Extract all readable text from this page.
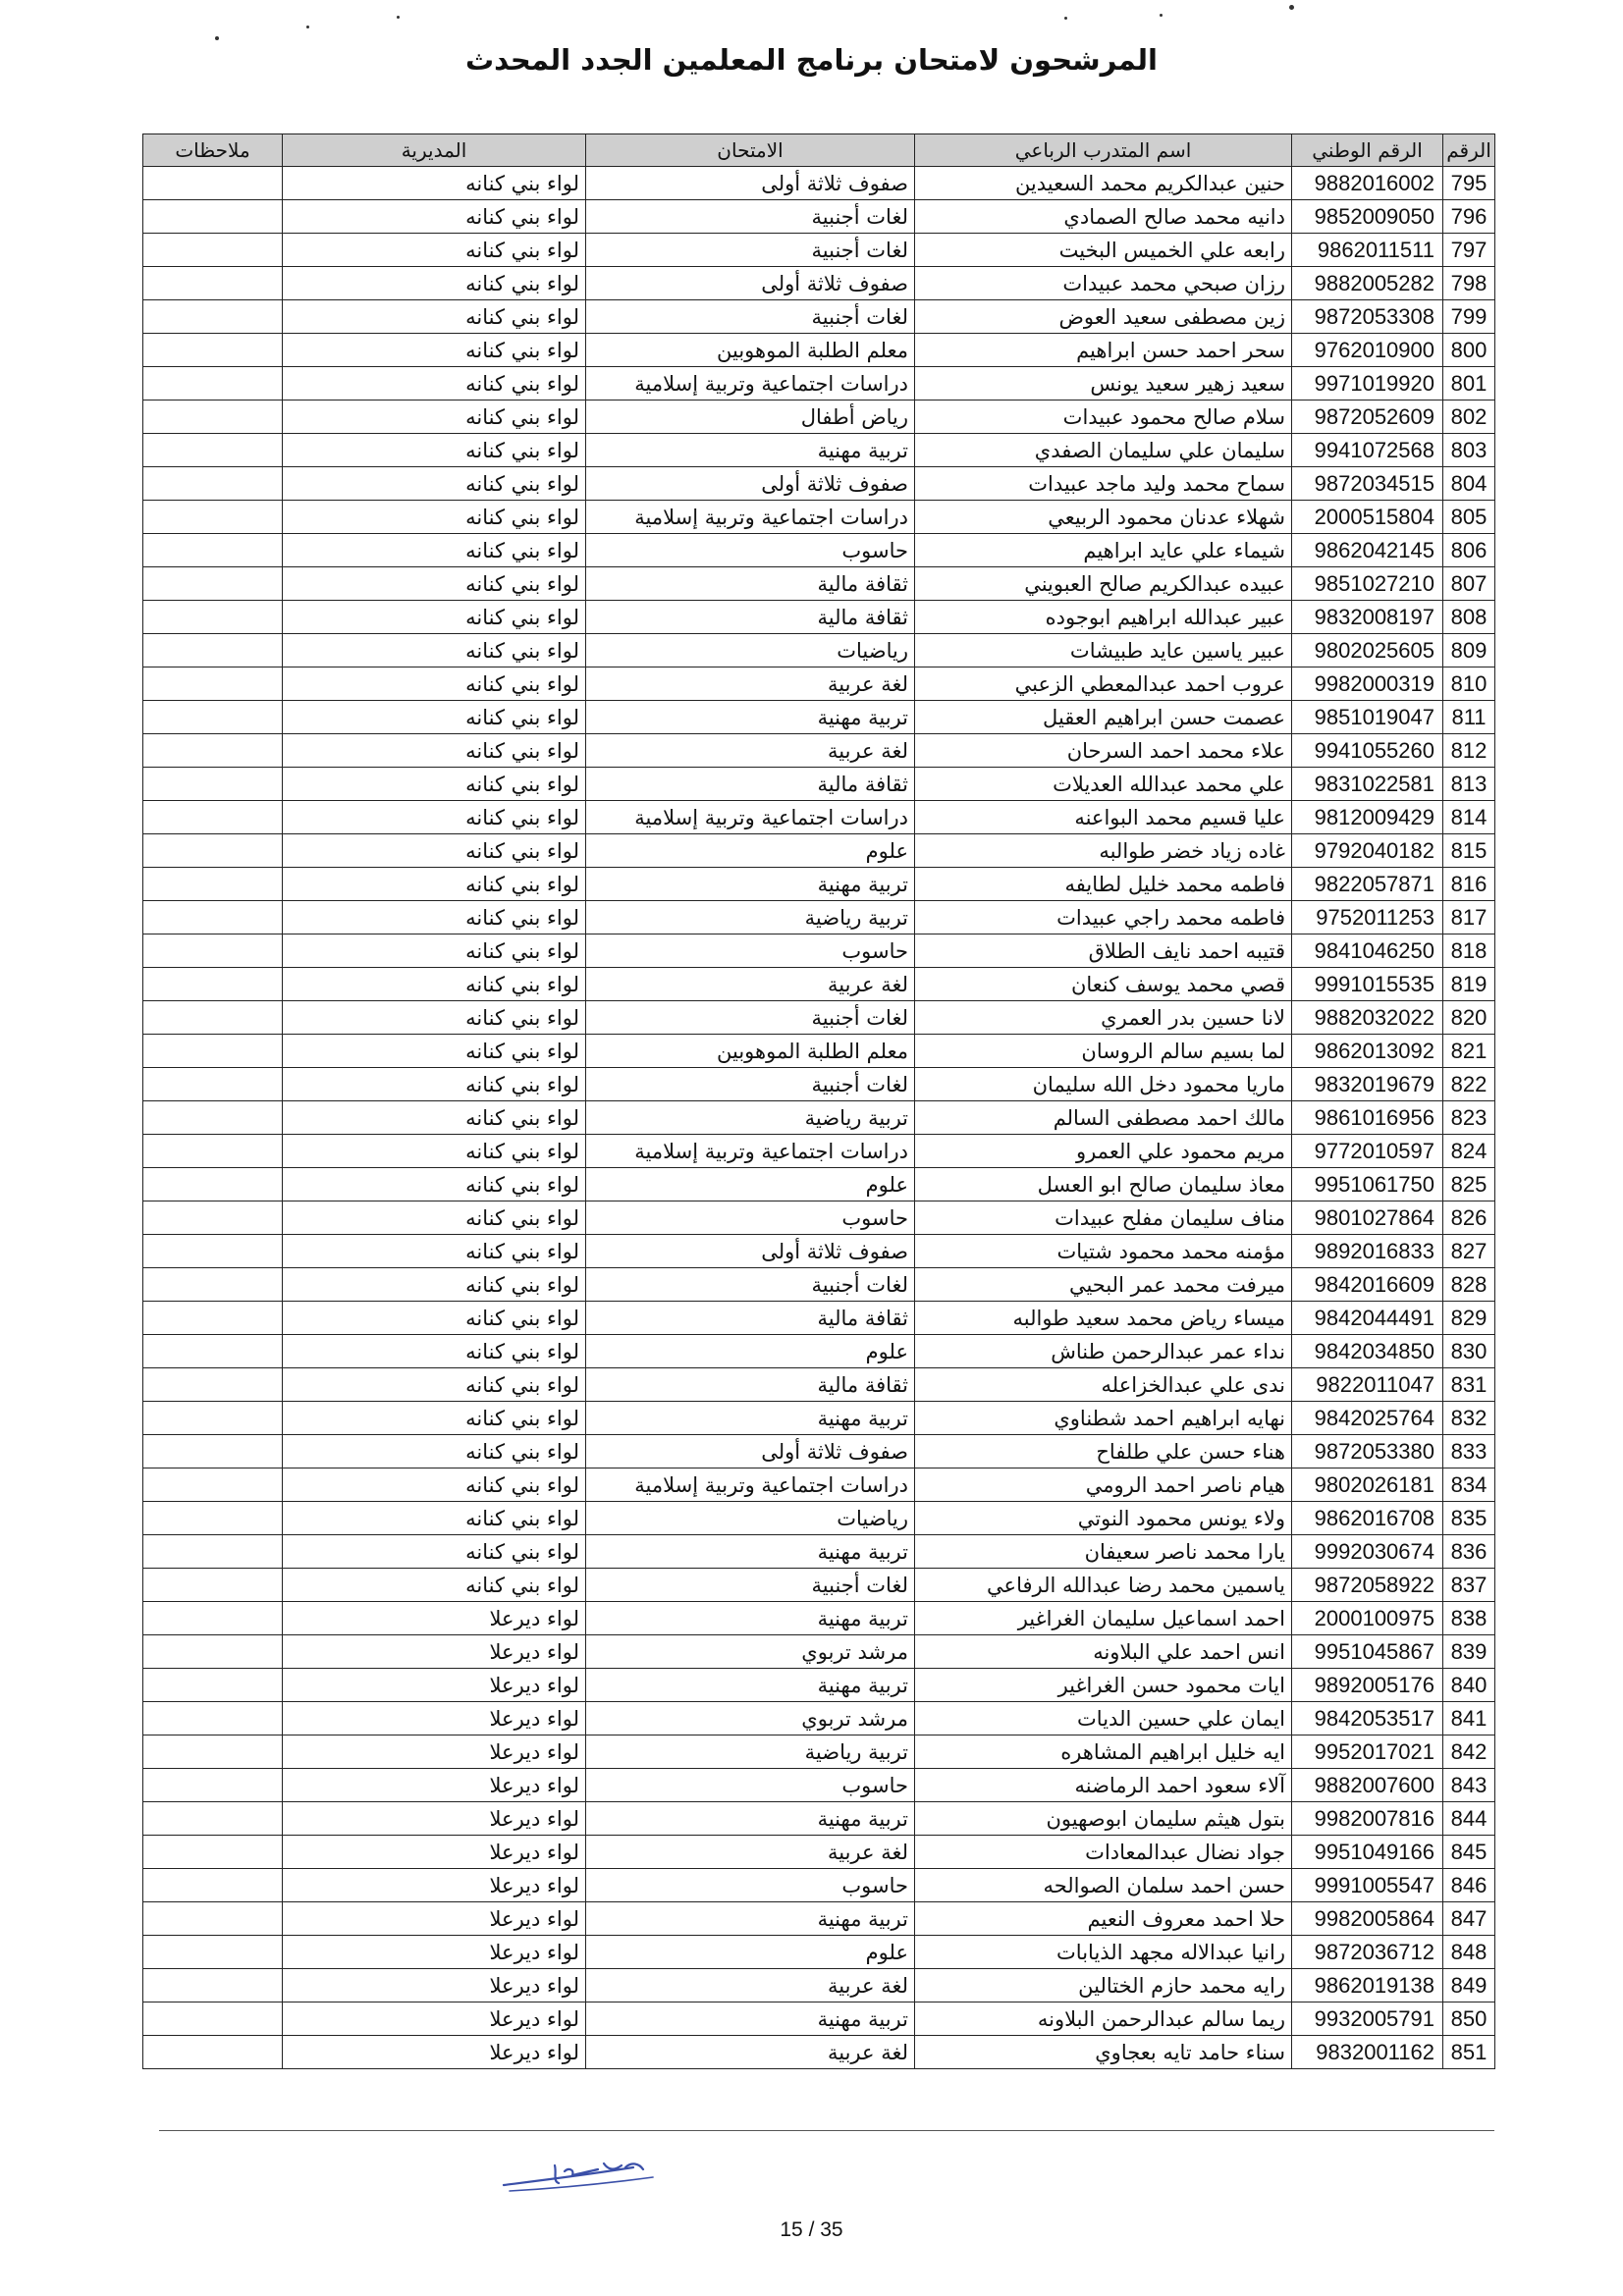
المرشحون لامتحان برنامج المعلمين الجدد المحدث
الرقم	الرقم الوطني	اسم المتدرب الرباعي	الامتحان	المديرية	ملاحظات
795	9882016002	حنين عبدالكريم محمد السعيدين	صفوف ثلاثة أولى	لواء بني كنانه	
796	9852009050	دانيه محمد صالح الصمادي	لغات أجنبية	لواء بني كنانه	
797	9862011511	رابعه علي الخميس البخيت	لغات أجنبية	لواء بني كنانه	
798	9882005282	رزان صبحي محمد عبيدات	صفوف ثلاثة أولى	لواء بني كنانه	
799	9872053308	زين مصطفى سعيد العوض	لغات أجنبية	لواء بني كنانه	
800	9762010900	سحر احمد حسن ابراهيم	معلم الطلبة الموهوبين	لواء بني كنانه	
801	9971019920	سعيد زهير سعيد يونس	دراسات اجتماعية وتربية إسلامية	لواء بني كنانه	
802	9872052609	سلام صالح محمود عبيدات	رياض أطفال	لواء بني كنانه	
803	9941072568	سليمان علي سليمان الصفدي	تربية مهنية	لواء بني كنانه	
804	9872034515	سماح محمد وليد ماجد عبيدات	صفوف ثلاثة أولى	لواء بني كنانه	
805	2000515804	شهلاء عدنان محمود الربيعي	دراسات اجتماعية وتربية إسلامية	لواء بني كنانه	
806	9862042145	شيماء علي عايد ابراهيم	حاسوب	لواء بني كنانه	
807	9851027210	عبيده عبدالكريم صالح العبويني	ثقافة مالية	لواء بني كنانه	
808	9832008197	عبير عبدالله ابراهيم ابوجوده	ثقافة مالية	لواء بني كنانه	
809	9802025605	عبير ياسين عايد طبيشات	رياضيات	لواء بني كنانه	
810	9982000319	عروب احمد عبدالمعطي الزعبي	لغة عربية	لواء بني كنانه	
811	9851019047	عصمت حسن ابراهيم العقيل	تربية مهنية	لواء بني كنانه	
812	9941055260	علاء محمد احمد السرحان	لغة عربية	لواء بني كنانه	
813	9831022581	علي محمد عبدالله العديلات	ثقافة مالية	لواء بني كنانه	
814	9812009429	عليا قسيم محمد البواعنه	دراسات اجتماعية وتربية إسلامية	لواء بني كنانه	
815	9792040182	غاده زياد خضر طوالبه	علوم	لواء بني كنانه	
816	9822057871	فاطمه محمد خليل لطايفه	تربية مهنية	لواء بني كنانه	
817	9752011253	فاطمه محمد راجي عبيدات	تربية رياضية	لواء بني كنانه	
818	9841046250	قتيبه احمد نايف الطلاق	حاسوب	لواء بني كنانه	
819	9991015535	قصي محمد يوسف كنعان	لغة عربية	لواء بني كنانه	
820	9882032022	لانا حسين بدر العمري	لغات أجنبية	لواء بني كنانه	
821	9862013092	لما بسيم سالم الروسان	معلم الطلبة الموهوبين	لواء بني كنانه	
822	9832019679	ماريا محمود دخل الله سليمان	لغات أجنبية	لواء بني كنانه	
823	9861016956	مالك احمد مصطفى السالم	تربية رياضية	لواء بني كنانه	
824	9772010597	مريم محمود علي العمرو	دراسات اجتماعية وتربية إسلامية	لواء بني كنانه	
825	9951061750	معاذ سليمان صالح ابو العسل	علوم	لواء بني كنانه	
826	9801027864	مناف سليمان مفلح عبيدات	حاسوب	لواء بني كنانه	
827	9892016833	مؤمنه محمد محمود شتيات	صفوف ثلاثة أولى	لواء بني كنانه	
828	9842016609	ميرفت محمد عمر البحيي	لغات أجنبية	لواء بني كنانه	
829	9842044491	ميساء رياض محمد سعيد طوالبه	ثقافة مالية	لواء بني كنانه	
830	9842034850	نداء عمر عبدالرحمن طناش	علوم	لواء بني كنانه	
831	9822011047	ندى علي عبدالخزاعله	ثقافة مالية	لواء بني كنانه	
832	9842025764	نهايه ابراهيم احمد شطناوي	تربية مهنية	لواء بني كنانه	
833	9872053380	هناء حسن علي طلفاح	صفوف ثلاثة أولى	لواء بني كنانه	
834	9802026181	هيام ناصر احمد الرومي	دراسات اجتماعية وتربية إسلامية	لواء بني كنانه	
835	9862016708	ولاء يونس محمود النوتي	رياضيات	لواء بني كنانه	
836	9992030674	يارا محمد ناصر سعيفان	تربية مهنية	لواء بني كنانه	
837	9872058922	ياسمين محمد رضا عبدالله الرفاعي	لغات أجنبية	لواء بني كنانه	
838	2000100975	احمد اسماعيل سليمان الغراغير	تربية مهنية	لواء ديرعلا	
839	9951045867	انس احمد علي البلاونه	مرشد تربوي	لواء ديرعلا	
840	9892005176	ايات محمود حسن الغراغير	تربية مهنية	لواء ديرعلا	
841	9842053517	ايمان علي حسين الديات	مرشد تربوي	لواء ديرعلا	
842	9952017021	ايه خليل ابراهيم المشاهره	تربية رياضية	لواء ديرعلا	
843	9882007600	آلاء سعود احمد الرماضنه	حاسوب	لواء ديرعلا	
844	9982007816	بتول هيثم سليمان ابوصهيون	تربية مهنية	لواء ديرعلا	
845	9951049166	جواد نضال عبدالمعادات	لغة عربية	لواء ديرعلا	
846	9991005547	حسن احمد سلمان الصوالحه	حاسوب	لواء ديرعلا	
847	9982005864	حلا احمد معروف النعيم	تربية مهنية	لواء ديرعلا	
848	9872036712	رانيا عبدالاله مجهد الذيابات	علوم	لواء ديرعلا	
849	9862019138	رايه محمد حازم الختالين	لغة عربية	لواء ديرعلا	
850	9932005791	ريما سالم عبدالرحمن البلاونه	تربية مهنية	لواء ديرعلا	
851	9832001162	سناء حامد تايه بعجاوي	لغة عربية	لواء ديرعلا	
15 / 35
